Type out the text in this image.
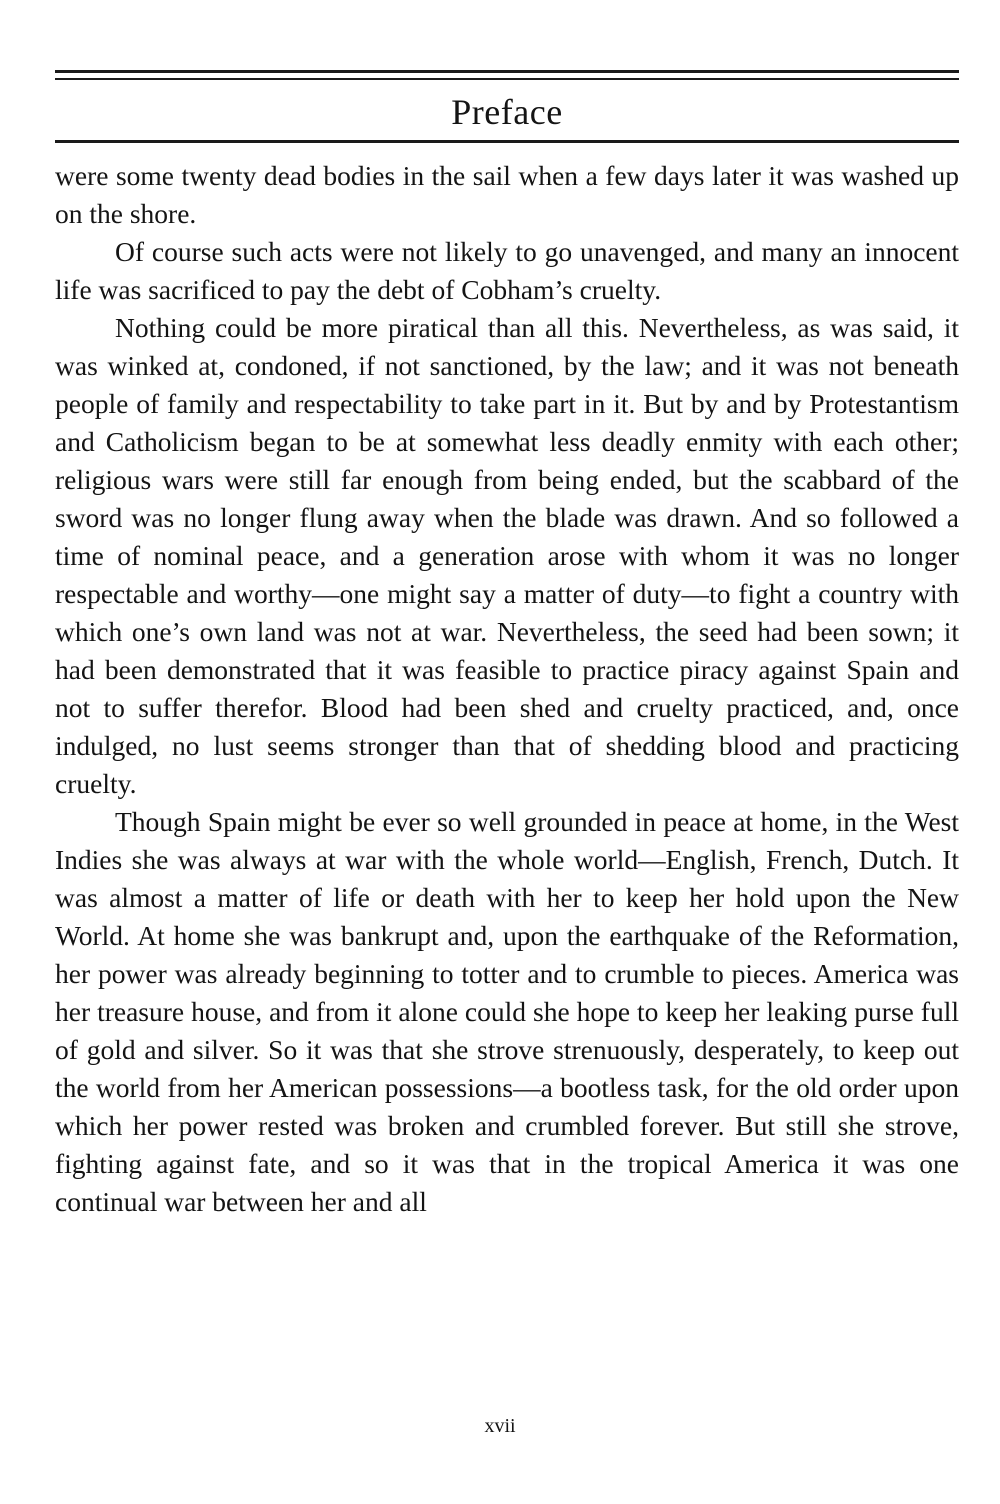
Preface

were some twenty dead bodies in the sail when a few days later it was washed up on the shore.

Of course such acts were not likely to go unavenged, and many an innocent life was sacrificed to pay the debt of Cobham’s cruelty.

Nothing could be more piratical than all this. Nevertheless, as was said, it was winked at, condoned, if not sanctioned, by the law; and it was not beneath people of family and respectability to take part in it. But by and by Protestantism and Catholicism began to be at somewhat less deadly enmity with each other; religious wars were still far enough from being ended, but the scabbard of the sword was no longer flung away when the blade was drawn. And so followed a time of nominal peace, and a generation arose with whom it was no longer respectable and worthy—one might say a matter of duty—to fight a country with which one’s own land was not at war. Nevertheless, the seed had been sown; it had been demonstrated that it was feasible to practice piracy against Spain and not to suffer therefor. Blood had been shed and cruelty practiced, and, once indulged, no lust seems stronger than that of shedding blood and practicing cruelty.

Though Spain might be ever so well grounded in peace at home, in the West Indies she was always at war with the whole world—English, French, Dutch. It was almost a matter of life or death with her to keep her hold upon the New World. At home she was bankrupt and, upon the earthquake of the Reformation, her power was already beginning to totter and to crumble to pieces. America was her treasure house, and from it alone could she hope to keep her leaking purse full of gold and silver. So it was that she strove strenuously, desperately, to keep out the world from her American possessions—a bootless task, for the old order upon which her power rested was broken and crumbled forever. But still she strove, fighting against fate, and so it was that in the tropical America it was one continual war between her and all

xvii
